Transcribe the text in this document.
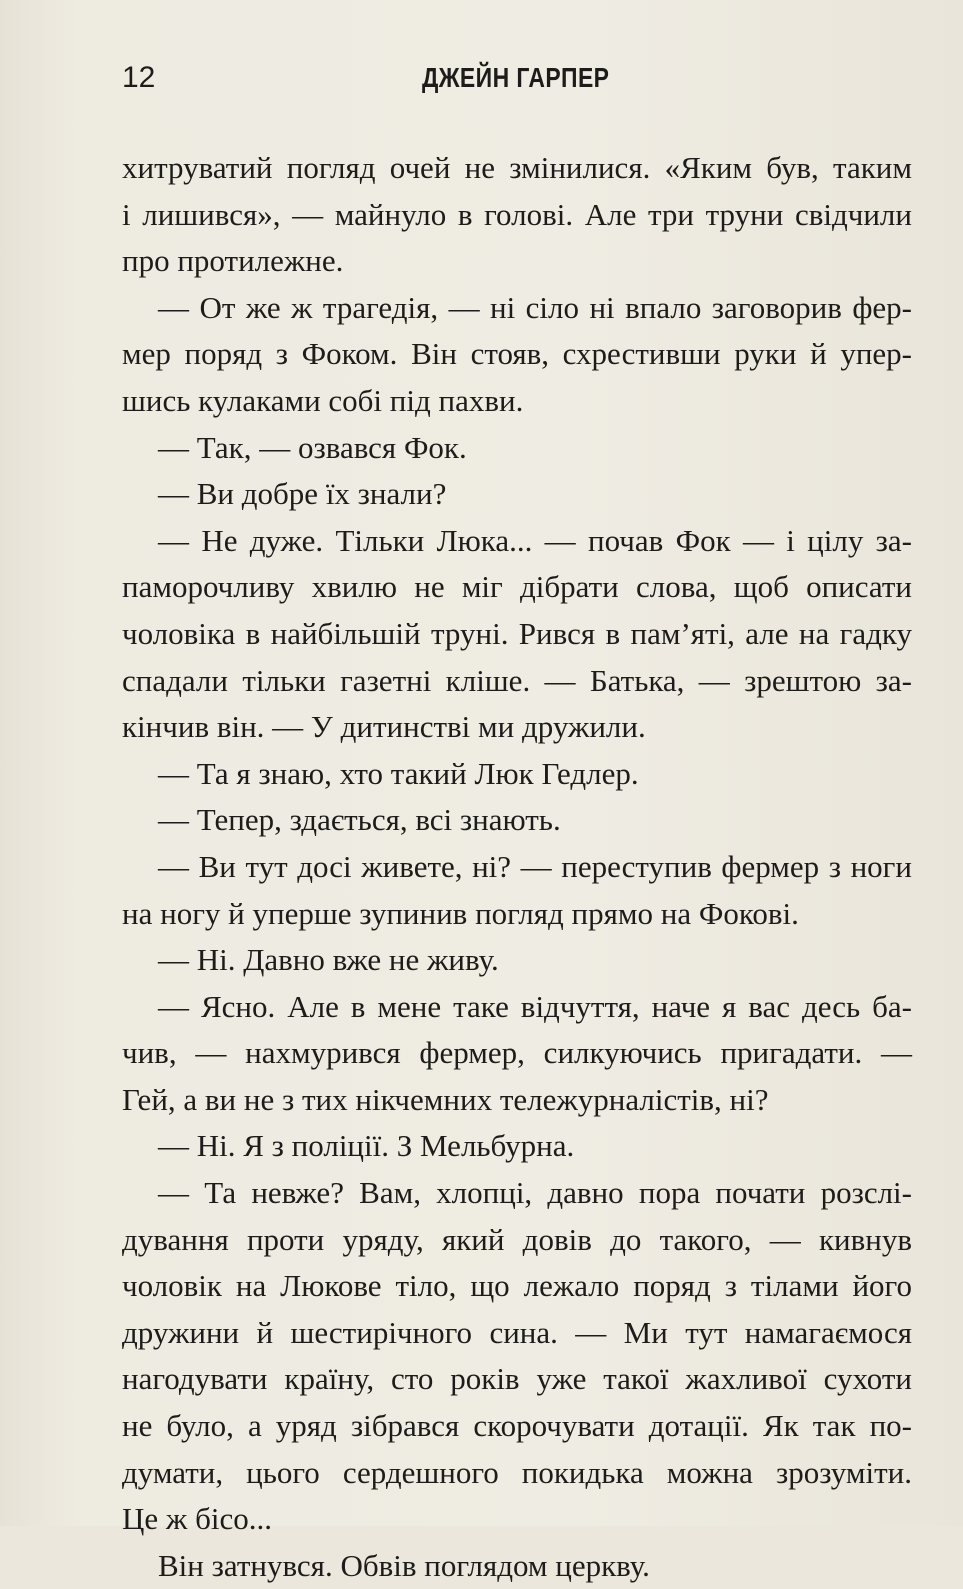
12	ДЖЕЙН ГАРПЕР
хитруватий погляд очей не змінилися. «Яким був, таким
і лишився», — майнуло в голові. Але три труни свідчили
про протилежне.
— От же ж трагедія, — ні сіло ні впало заговорив фер-
мер поряд з Фоком. Він стояв, схрестивши руки й упер-
шись кулаками собі під пахви.
— Так, — озвався Фок.
— Ви добре їх знали?
— Не дуже. Тільки Люка... — почав Фок — і цілу за-
паморочливу хвилю не міг дібрати слова, щоб описати
чоловіка в найбільшій труні. Рився в пам’яті, але на гадку
спадали тільки газетні кліше. — Батька, — зрештою за-
кінчив він. — У дитинстві ми дружили.
— Та я знаю, хто такий Люк Гедлер.
— Тепер, здається, всі знають.
— Ви тут досі живете, ні? — переступив фермер з ноги
на ногу й уперше зупинив погляд прямо на Фокові.
— Ні. Давно вже не живу.
— Ясно. Але в мене таке відчуття, наче я вас десь ба-
чив, — нахмурився фермер, силкуючись пригадати. —
Гей, а ви не з тих нікчемних тележурналістів, ні?
— Ні. Я з поліції. З Мельбурна.
— Та невже? Вам, хлопці, давно пора почати розслі-
дування проти уряду, який довів до такого, — кивнув
чоловік на Люкове тіло, що лежало поряд з тілами його
дружини й шестирічного сина. — Ми тут намагаємося
нагодувати країну, сто років уже такої жахливої сухоти
не було, а уряд зібрався скорочувати дотації. Як так по-
думати, цього сердешного покидька можна зрозуміти.
Це ж бісо...
Він затнувся. Обвів поглядом церкву.
